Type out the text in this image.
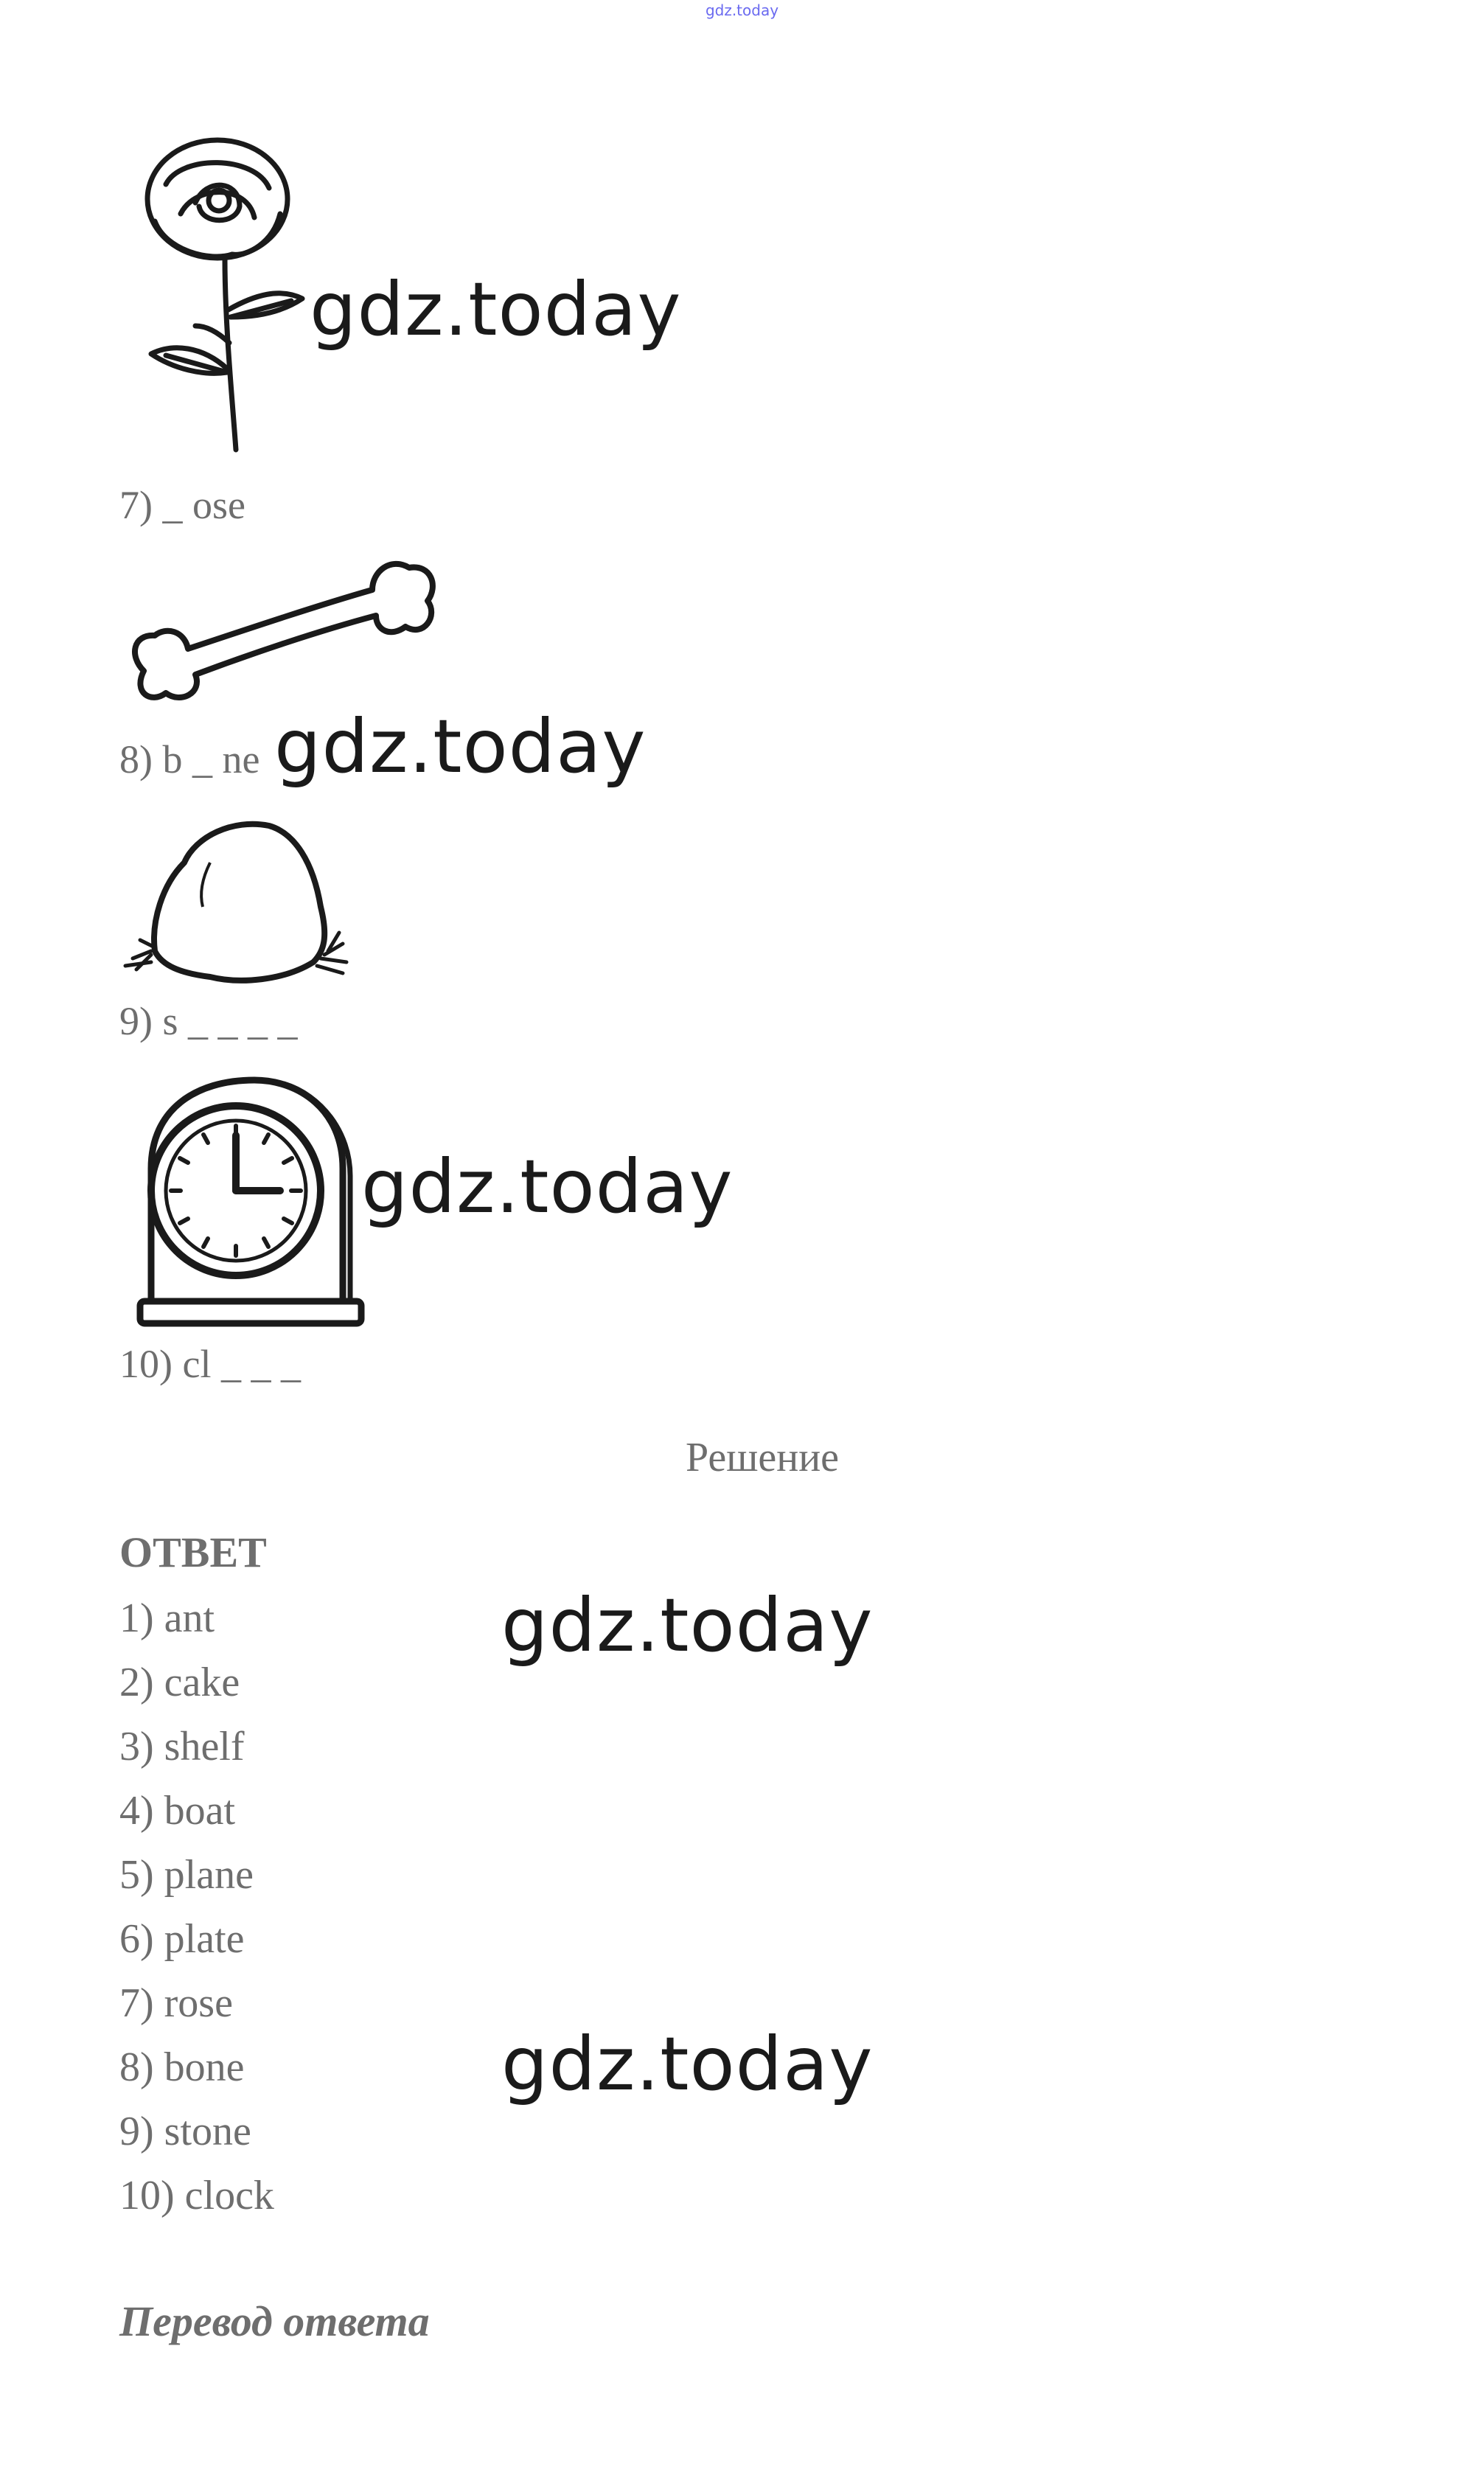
gdz.today
gdz.today
7) _ ose
8) b _ ne gdz.today
9) s _ _ _ _
gdz.today
10) cl _ _ _
Решение
ОТВЕТ
1) ant
2) cake
3) shelf
4) boat
5) plane
6) plate
7) rose
8) bone
9) stone
10) clock
gdz.today
gdz.today
Перевод ответа
